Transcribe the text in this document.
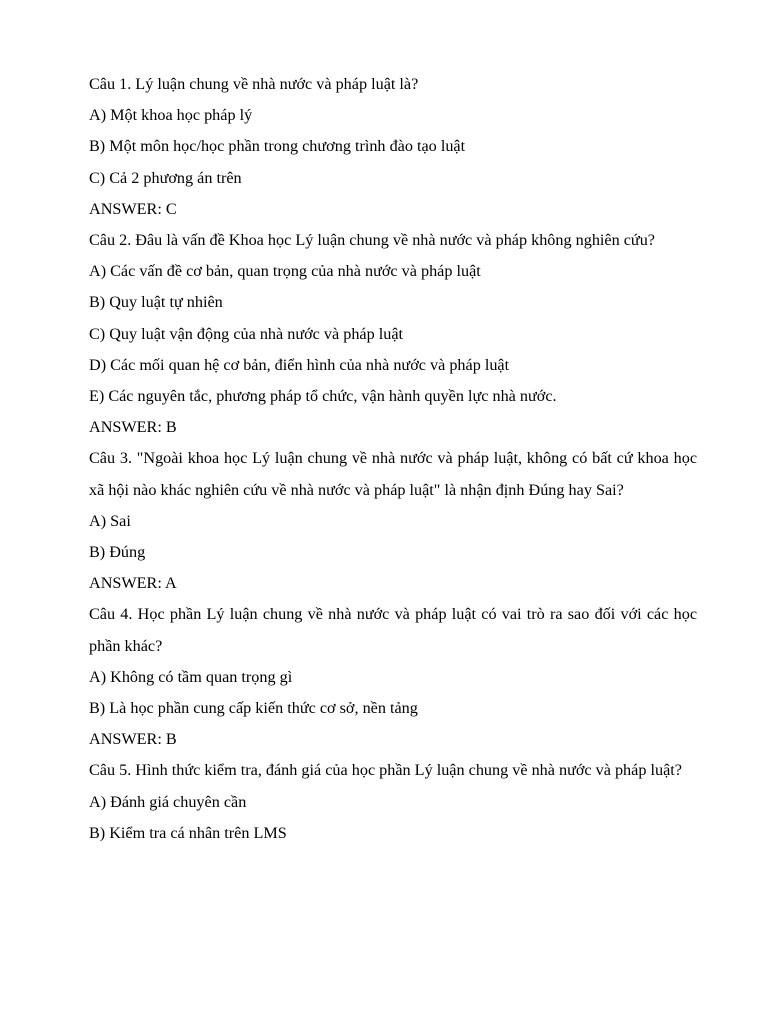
Câu 1. Lý luận chung về nhà nước và pháp luật là?

A) Một khoa học pháp lý

B) Một môn học/học phần trong chương trình đào tạo luật

C) Cả 2 phương án trên

ANSWER: C

Câu 2. Đâu là vấn đề Khoa học Lý luận chung về nhà nước và pháp không nghiên cứu?

A) Các vấn đề cơ bản, quan trọng của nhà nước và pháp luật

B) Quy luật tự nhiên

C) Quy luật vận động của nhà nước và pháp luật

D) Các mối quan hệ cơ bản, điển hình của nhà nước và pháp luật

E) Các nguyên tắc, phương pháp tổ chức, vận hành quyền lực nhà nước.

ANSWER: B

Câu 3. "Ngoài khoa học Lý luận chung về nhà nước và pháp luật, không có bất cứ khoa học xã hội nào khác nghiên cứu về nhà nước và pháp luật" là nhận định Đúng hay Sai?

A) Sai

B) Đúng

ANSWER: A

Câu 4. Học phần Lý luận chung về nhà nước và pháp luật có vai trò ra sao đối với các học phần khác?

A) Không có tầm quan trọng gì

B) Là học phần cung cấp kiến thức cơ sở, nền tảng

ANSWER: B

Câu 5. Hình thức kiểm tra, đánh giá của học phần Lý luận chung về nhà nước và pháp luật?

A) Đánh giá chuyên cần

B) Kiểm tra cá nhân trên LMS
